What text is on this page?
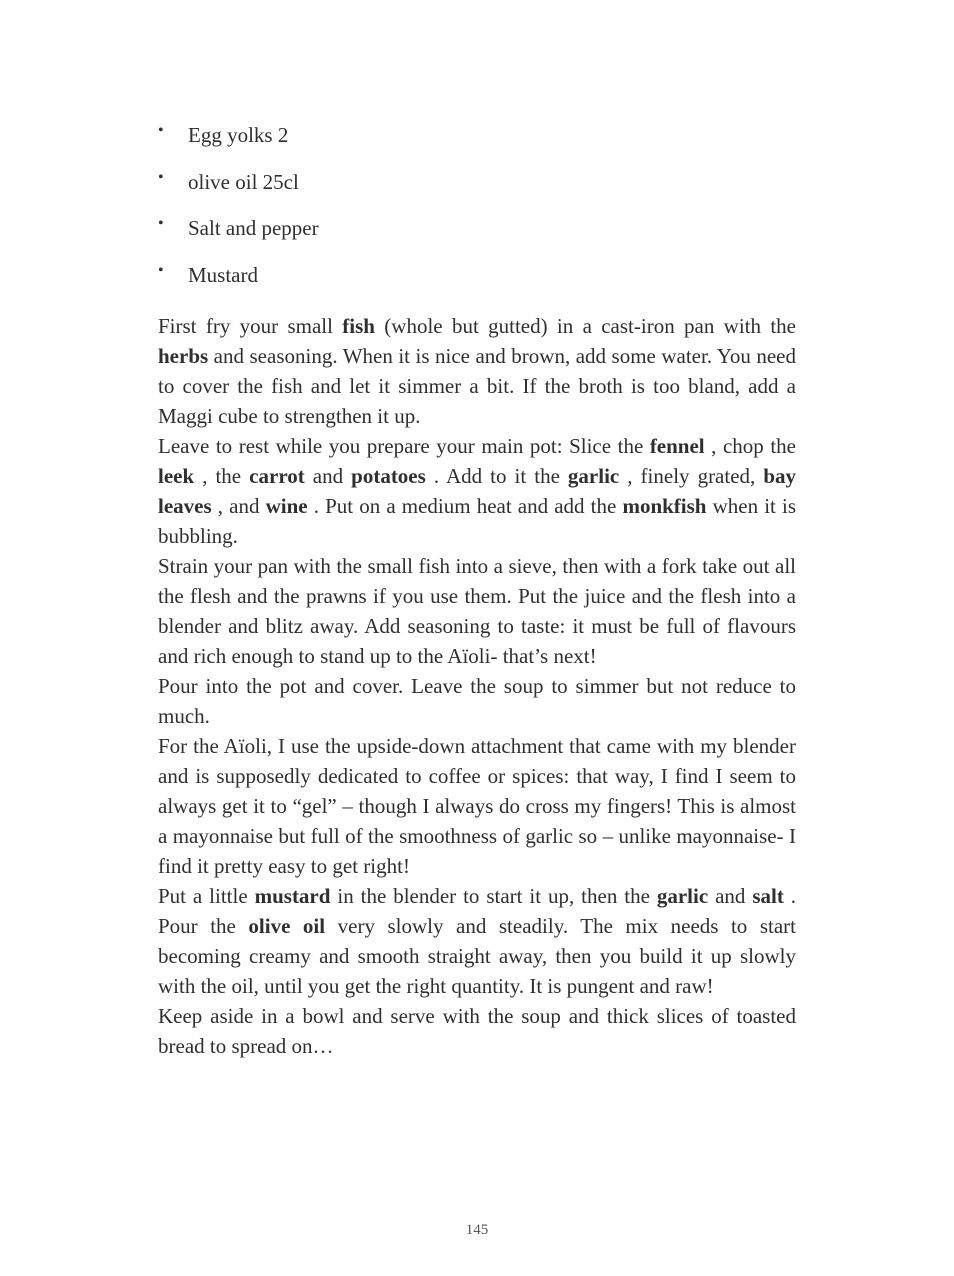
• Egg yolks 2
• olive oil 25cl
• Salt and pepper
• Mustard

First fry your small fish (whole but gutted) in a cast-iron pan with the herbs and seasoning. When it is nice and brown, add some water. You need to cover the fish and let it simmer a bit. If the broth is too bland, add a Maggi cube to strengthen it up.

Leave to rest while you prepare your main pot: Slice the fennel , chop the leek , the carrot and potatoes . Add to it the garlic , finely grated, bay leaves , and wine . Put on a medium heat and add the monkfish when it is bubbling.

Strain your pan with the small fish into a sieve, then with a fork take out all the flesh and the prawns if you use them. Put the juice and the flesh into a blender and blitz away. Add seasoning to taste: it must be full of flavours and rich enough to stand up to the Aïoli- that’s next!

Pour into the pot and cover. Leave the soup to simmer but not reduce to much.

For the Aïoli, I use the upside-down attachment that came with my blender and is supposedly dedicated to coffee or spices: that way, I find I seem to always get it to “gel” – though I always do cross my fingers! This is almost a mayonnaise but full of the smoothness of garlic so – unlike mayonnaise- I find it pretty easy to get right!

Put a little mustard in the blender to start it up, then the garlic and salt . Pour the olive oil very slowly and steadily. The mix needs to start becoming creamy and smooth straight away, then you build it up slowly with the oil, until you get the right quantity. It is pungent and raw!

Keep aside in a bowl and serve with the soup and thick slices of toasted bread to spread on…

145
